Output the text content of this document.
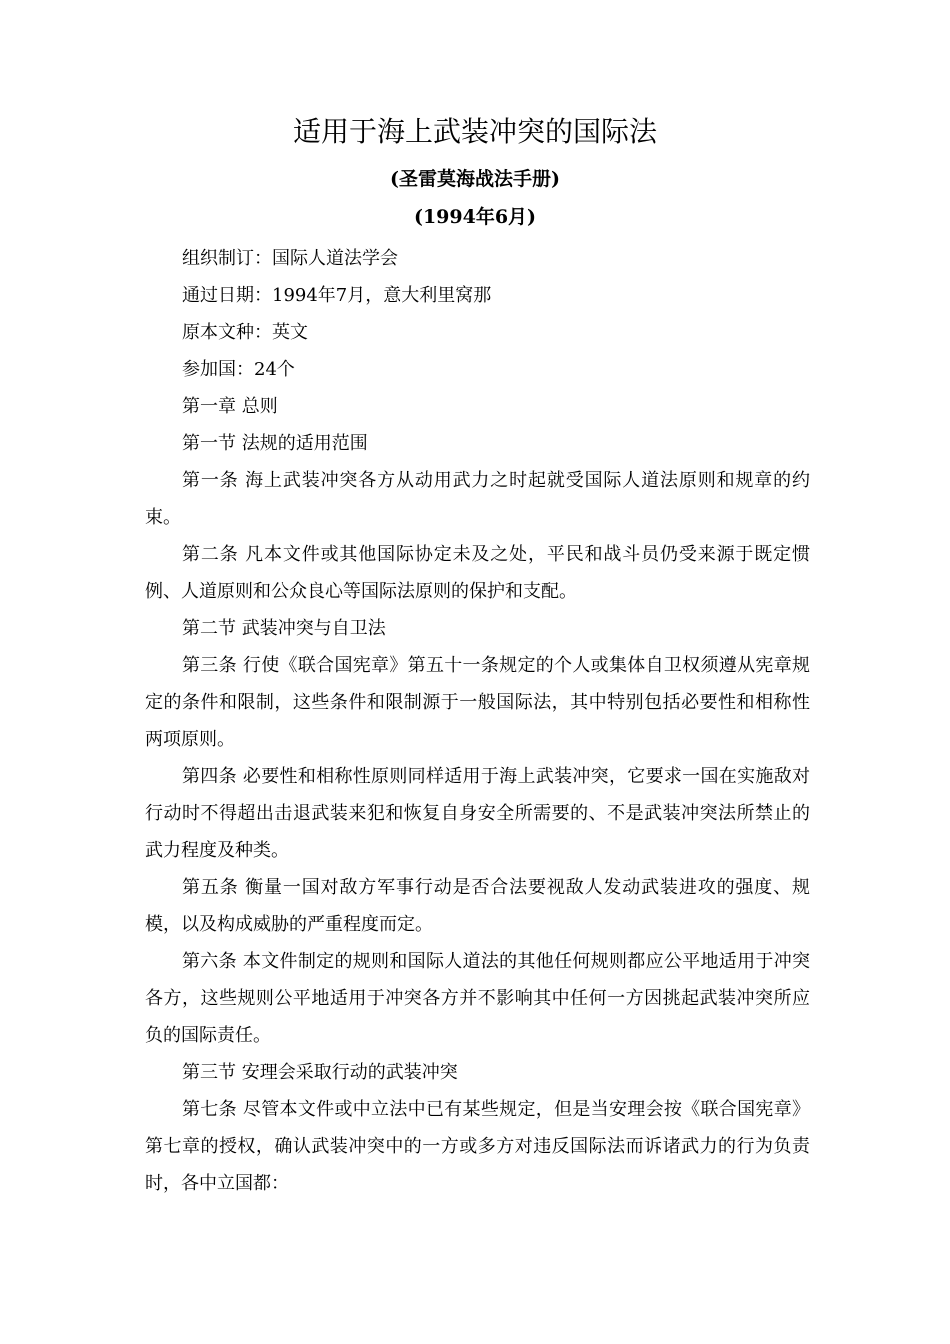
适用于海上武装冲突的国际法
(圣雷莫海战法手册)
(1994年6月)

组织制订：国际人道法学会

通过日期：1994年7月，意大利里窝那

原本文种：英文

参加国：24个

第一章 总则

第一节 法规的适用范围

第一条 海上武装冲突各方从动用武力之时起就受国际人道法原则和规章的约束。

第二条 凡本文件或其他国际协定未及之处，平民和战斗员仍受来源于既定惯例、人道原则和公众良心等国际法原则的保护和支配。

第二节 武装冲突与自卫法

第三条 行使《联合国宪章》第五十一条规定的个人或集体自卫权须遵从宪章规定的条件和限制，这些条件和限制源于一般国际法，其中特别包括必要性和相称性两项原则。

第四条 必要性和相称性原则同样适用于海上武装冲突，它要求一国在实施敌对行动时不得超出击退武装来犯和恢复自身安全所需要的、不是武装冲突法所禁止的武力程度及种类。

第五条 衡量一国对敌方军事行动是否合法要视敌人发动武装进攻的强度、规模，以及构成威胁的严重程度而定。

第六条 本文件制定的规则和国际人道法的其他任何规则都应公平地适用于冲突各方，这些规则公平地适用于冲突各方并不影响其中任何一方因挑起武装冲突所应负的国际责任。

第三节 安理会采取行动的武装冲突

第七条 尽管本文件或中立法中已有某些规定，但是当安理会按《联合国宪章》第七章的授权，确认武装冲突中的一方或多方对违反国际法而诉诸武力的行为负责时，各中立国都：
